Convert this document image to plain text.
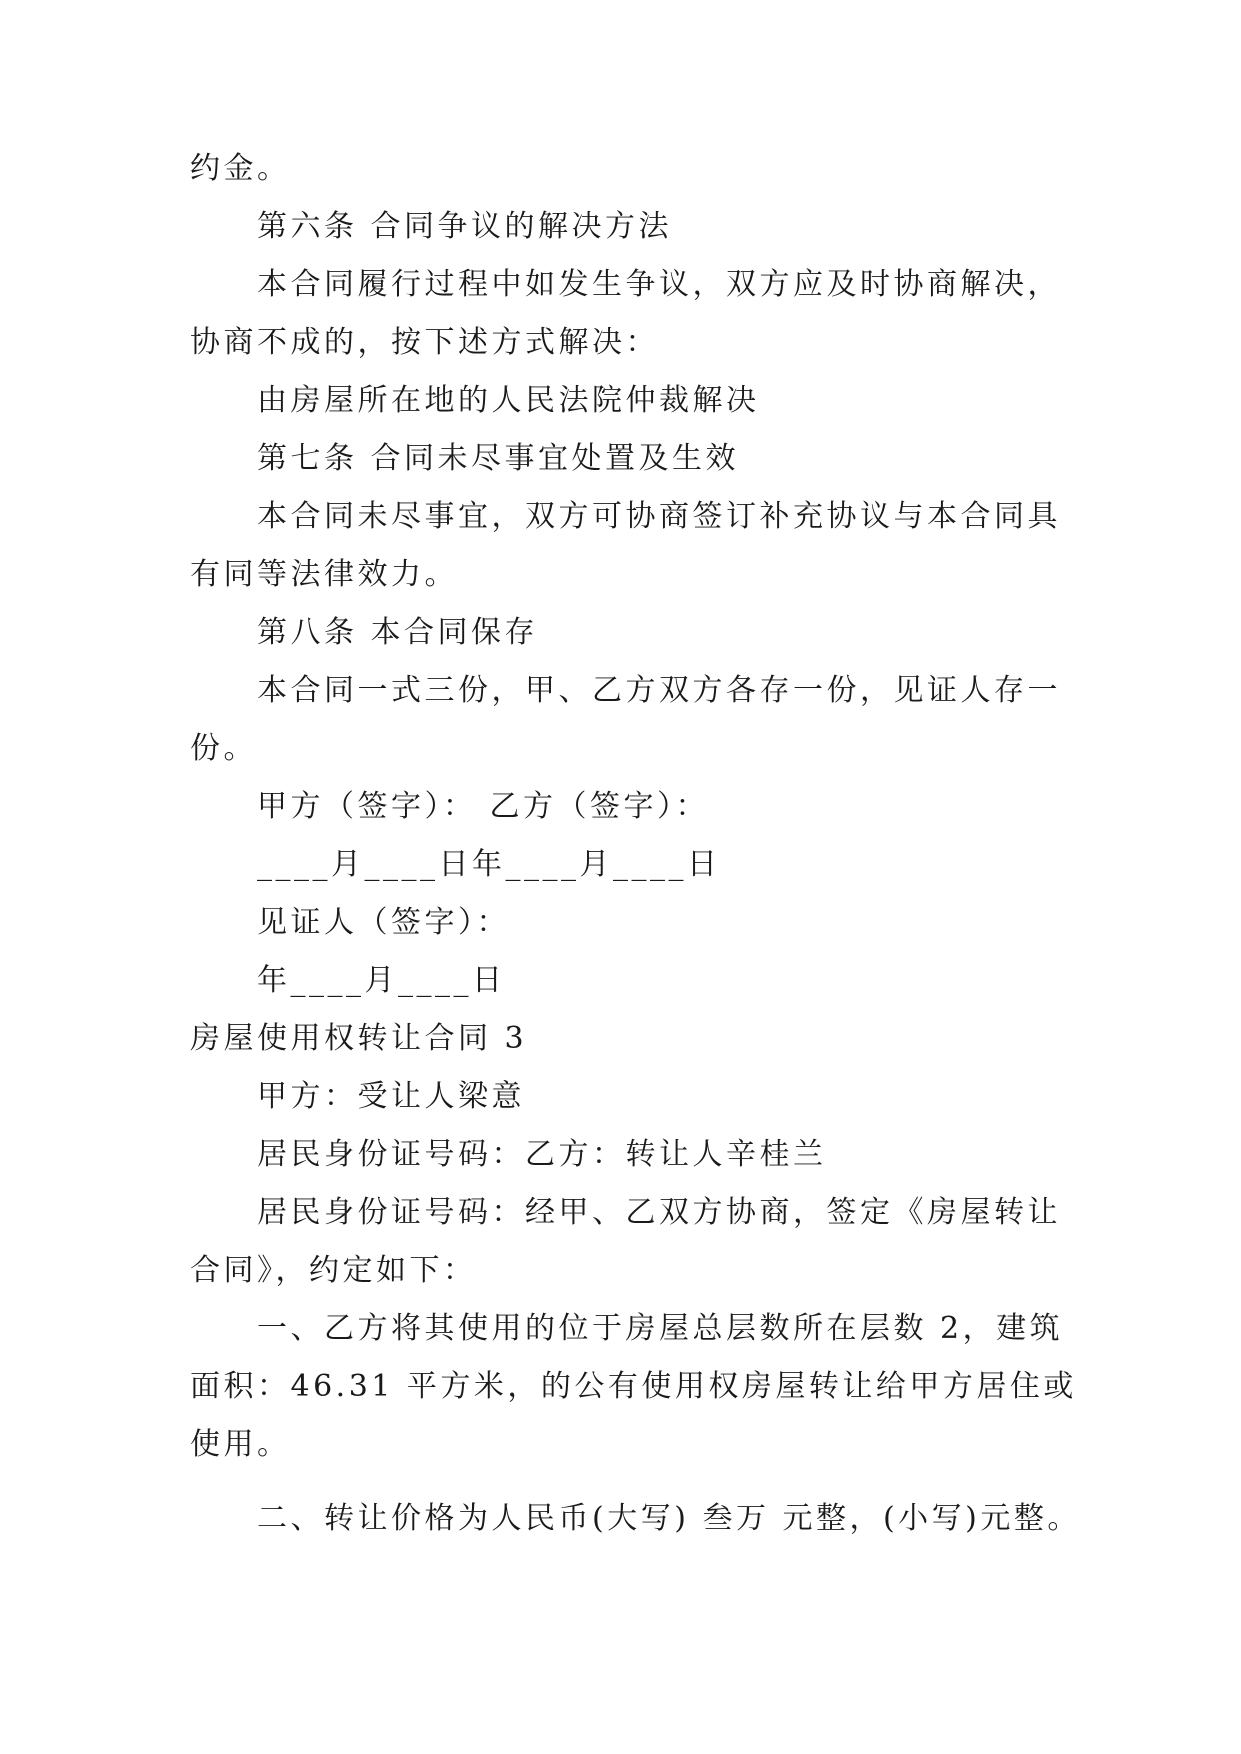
约金。
第六条 合同争议的解决方法
本合同履行过程中如发生争议，双方应及时协商解决，
协商不成的，按下述方式解决：
由房屋所在地的人民法院仲裁解决
第七条 合同未尽事宜处置及生效
本合同未尽事宜，双方可协商签订补充协议与本合同具
有同等法律效力。
第八条 本合同保存
本合同一式三份，甲、乙方双方各存一份，见证人存一
份。
甲方（签字）： 乙方（签字）：
____月____日年____月____日
见证人（签字）：
年____月____日
房屋使用权转让合同 3
甲方：受让人梁意
居民身份证号码：乙方：转让人辛桂兰
居民身份证号码：经甲、乙双方协商，签定《房屋转让
合同》，约定如下：
一、乙方将其使用的位于房屋总层数所在层数 2，建筑
面积：46.31 平方米，的公有使用权房屋转让给甲方居住或
使用。
二、转让价格为人民币(大写) 叁万 元整，(小写)元整。
